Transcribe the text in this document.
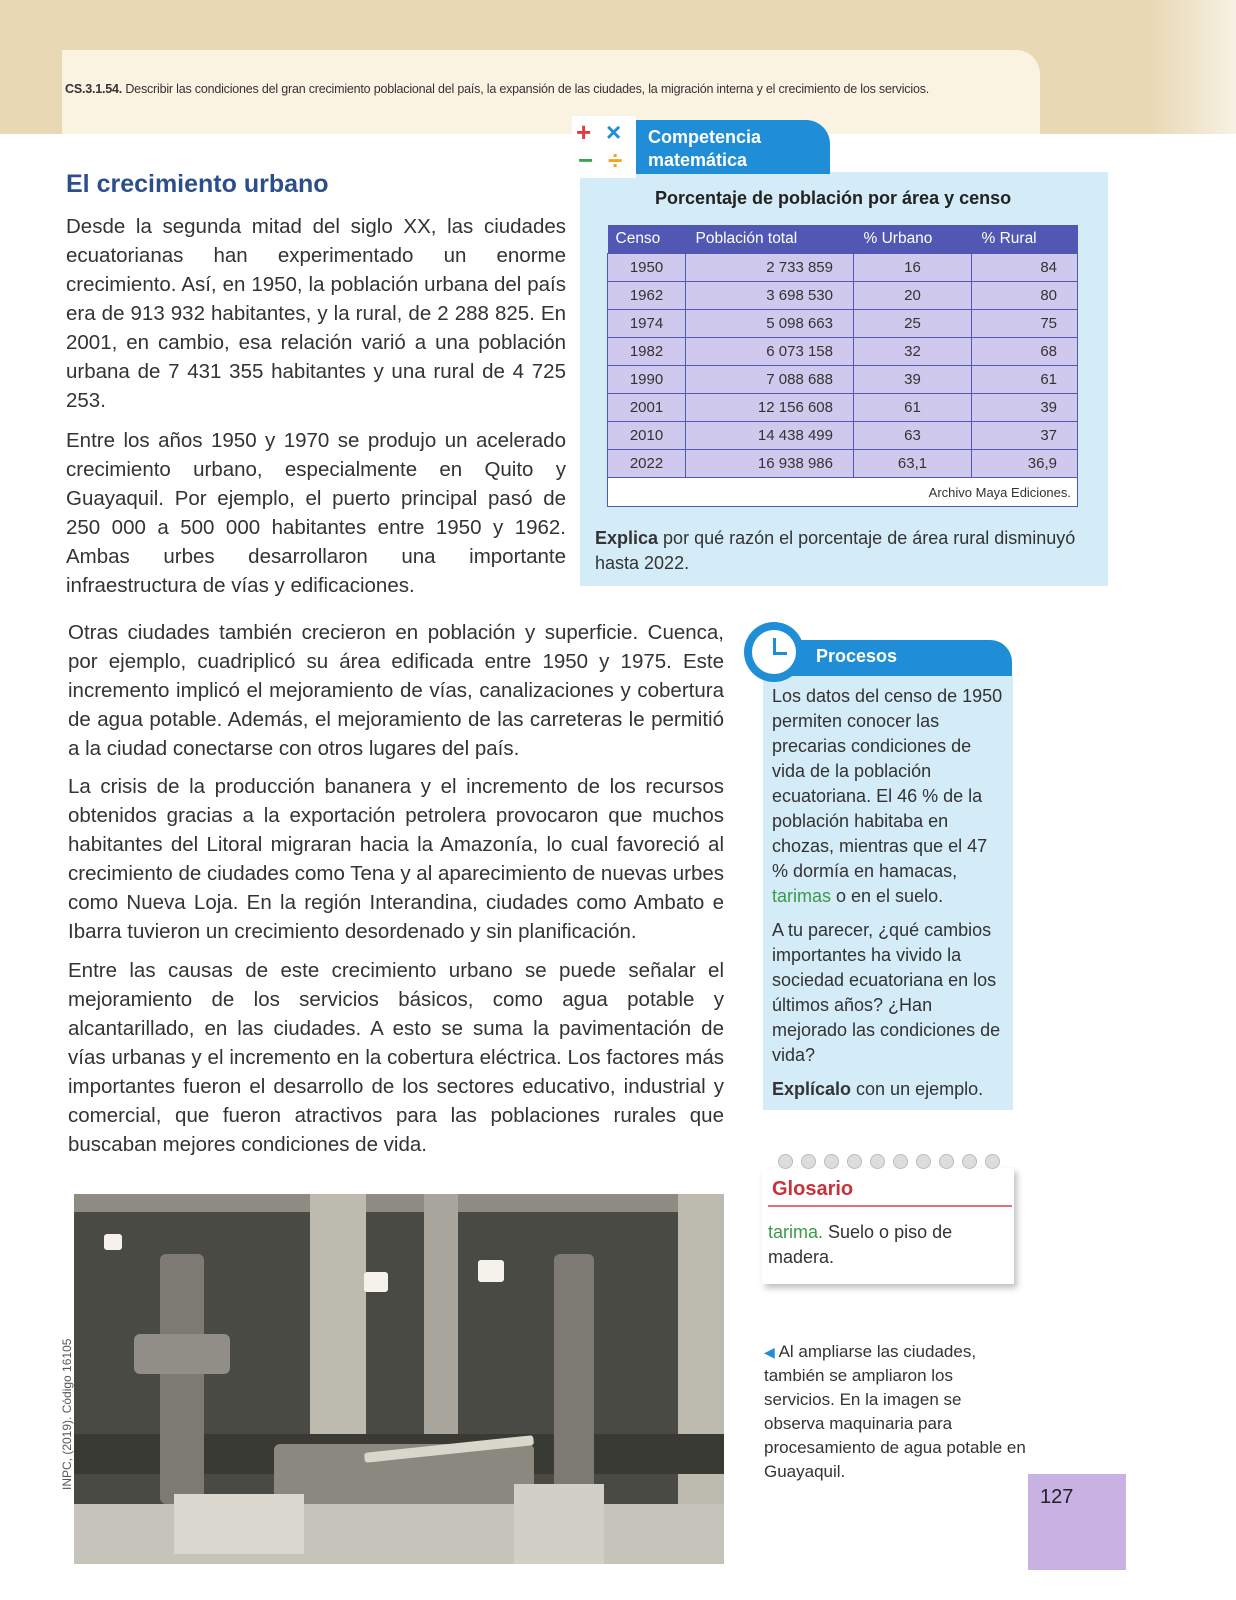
CS.3.1.54. Describir las condiciones del gran crecimiento poblacional del país, la expansión de las ciudades, la migración interna y el crecimiento de los servicios.
El crecimiento urbano

Desde la segunda mitad del siglo XX, las ciudades ecuatorianas han experimentado un enorme crecimiento. Así, en 1950, la población urbana del país era de 913 932 habitantes, y la rural, de 2 288 825. En 2001, en cambio, esa relación varió a una población urbana de 7 431 355 habitantes y una rural de 4 725 253.

Entre los años 1950 y 1970 se produjo un acelerado crecimiento urbano, especialmente en Quito y Guayaquil. Por ejemplo, el puerto principal pasó de 250 000 a 500 000 habitantes entre 1950 y 1962. Ambas urbes desarrollaron una importante infraestructura de vías y edificaciones.

Otras ciudades también crecieron en población y superficie. Cuenca, por ejemplo, cuadriplicó su área edificada entre 1950 y 1975. Este incremento implicó el mejoramiento de vías, canalizaciones y cobertura de agua potable. Además, el mejoramiento de las carreteras le permitió a la ciudad conectarse con otros lugares del país.

La crisis de la producción bananera y el incremento de los recursos obtenidos gracias a la exportación petrolera provocaron que muchos habitantes del Litoral migraran hacia la Amazonía, lo cual favoreció al crecimiento de ciudades como Tena y al aparecimiento de nuevas urbes como Nueva Loja. En la región Interandina, ciudades como Ambato e Ibarra tuvieron un crecimiento desordenado y sin planificación.

Entre las causas de este crecimiento urbano se puede señalar el mejoramiento de los servicios básicos, como agua potable y alcantarillado, en las ciudades. A esto se suma la pavimentación de vías urbanas y el incremento en la cobertura eléctrica. Los factores más importantes fueron el desarrollo de los sectores educativo, industrial y comercial, que fueron atractivos para las poblaciones rurales que buscaban mejores condiciones de vida.

Competencia
matemática
+ ×
− ÷
Porcentaje de población por área y censo
Censo	Población total	% Urbano	% Rural
1950	2 733 859	16	84
1962	3 698 530	20	80
1974	5 098 663	25	75
1982	6 073 158	32	68
1990	7 088 688	39	61
2001	12 156 608	61	39
2010	14 438 499	63	37
2022	16 938 986	63,1	36,9
Archivo Maya Ediciones.			
Explica por qué razón el porcentaje de área rural disminuyó hasta 2022.
Procesos
Los datos del censo de 1950 permiten conocer las precarias condiciones de vida de la población ecuatoriana. El 46 % de la población habitaba en chozas, mientras que el 47 % dormía en hamacas, tarimas o en el suelo.
A tu parecer, ¿qué cambios importantes ha vivido la sociedad ecuatoriana en los últimos años? ¿Han mejorado las condiciones de vida?
Explícalo con un ejemplo.
Glosario
tarima. Suelo o piso de madera.
◀ Al ampliarse las ciudades, también se ampliaron los servicios. En la imagen se observa maquinaria para procesamiento de agua potable en Guayaquil.
INPC, (2019). Código 16105
127
